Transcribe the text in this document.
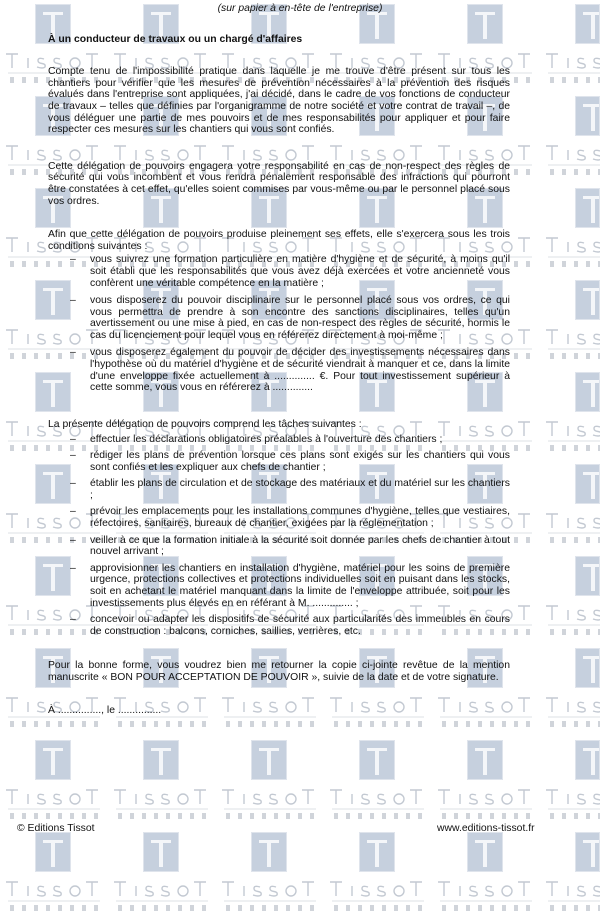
(sur papier à en-tête de l'entreprise)
À un conducteur de travaux ou un chargé d'affaires
Compte tenu de l'impossibilité pratique dans laquelle je me trouve d'être présent sur tous les chantiers pour vérifier que les mesures de prévention nécessaires à la prévention des risques évalués dans l'entreprise sont appliquées, j'ai décidé, dans le cadre de vos fonctions de conducteur de travaux – telles que définies par l'organigramme de notre société et votre contrat de travail –, de vous déléguer une partie de mes pouvoirs et de mes responsabilités pour appliquer et pour faire respecter ces mesures sur les chantiers qui vous sont confiés.
Cette délégation de pouvoirs engagera votre responsabilité en cas de non-respect des règles de sécurité qui vous incombent et vous rendra pénalement responsable des infractions qui pourront être constatées à cet effet, qu'elles soient commises par vous-même ou par le personnel placé sous vos ordres.
Afin que cette délégation de pouvoirs produise pleinement ses effets, elle s'exercera sous les trois conditions suivantes :
– vous suivrez une formation particulière en matière d'hygiène et de sécurité, à moins qu'il soit établi que les responsabilités que vous avez déjà exercées et votre ancienneté vous confèrent une véritable compétence en la matière ;
– vous disposerez du pouvoir disciplinaire sur le personnel placé sous vos ordres, ce qui vous permettra de prendre à son encontre des sanctions disciplinaires, telles qu'un avertissement ou une mise à pied, en cas de non-respect des règles de sécurité, hormis le cas du licenciement pour lequel vous en référerez directement à moi-même ;
– vous disposerez également du pouvoir de décider des investissements nécessaires dans l'hypothèse où du matériel d'hygiène et de sécurité viendrait à manquer et ce, dans la limite d'une enveloppe fixée actuellement à .............. €. Pour tout investissement supérieur à cette somme, vous vous en référerez à ..............
La présente délégation de pouvoirs comprend les tâches suivantes :
– effectuer les déclarations obligatoires préalables à l'ouverture des chantiers ;
– rédiger les plans de prévention lorsque ces plans sont exigés sur les chantiers qui vous sont confiés et les expliquer aux chefs de chantier ;
– établir les plans de circulation et de stockage des matériaux et du matériel sur les chantiers ;
– prévoir les emplacements pour les installations communes d'hygiène, telles que vestiaires, réfectoires, sanitaires, bureaux de chantier, exigées par la réglementation ;
– veiller à ce que la formation initiale à la sécurité soit donnée par les chefs de chantier à tout nouvel arrivant ;
– approvisionner les chantiers en installation d'hygiène, matériel pour les soins de première urgence, protections collectives et protections individuelles soit en puisant dans les stocks, soit en achetant le matériel manquant dans la limite de l'enveloppe attribuée, soit pour les investissements plus élevés en en référant à M. .............. ;
– concevoir ou adapter les dispositifs de sécurité aux particularités des immeubles en cours de construction : balcons, corniches, saillies, verrières, etc.
Pour la bonne forme, vous voudrez bien me retourner la copie ci-jointe revêtue de la mention manuscrite « BON POUR ACCEPTATION DE POUVOIR », suivie de la date et de votre signature.
À ..............., le ...............
© Editions Tissot	www.editions-tissot.fr
